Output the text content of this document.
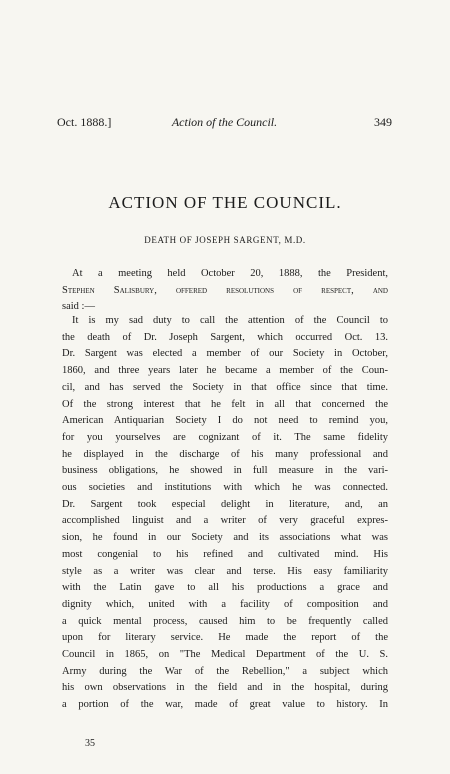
Oct. 1888.]	Action of the Council.	349
ACTION OF THE COUNCIL.
DEATH OF JOSEPH SARGENT, M.D.
At a meeting held October 20, 1888, the President,
Stephen Salisbury, offered resolutions of respect, and
said :—
It is my sad duty to call the attention of the Council to
the death of Dr. Joseph Sargent, which occurred Oct. 13.
Dr. Sargent was elected a member of our Society in October,
1860, and three years later he became a member of the Coun-
cil, and has served the Society in that office since that time.
Of the strong interest that he felt in all that concerned the
American Antiquarian Society I do not need to remind you,
for you yourselves are cognizant of it. The same fidelity
he displayed in the discharge of his many professional and
business obligations, he showed in full measure in the vari-
ous societies and institutions with which he was connected.
Dr. Sargent took especial delight in literature, and, an
accomplished linguist and a writer of very graceful expres-
sion, he found in our Society and its associations what was
most congenial to his refined and cultivated mind. His
style as a writer was clear and terse. His easy familiarity
with the Latin gave to all his productions a grace and
dignity which, united with a facility of composition and
a quick mental process, caused him to be frequently called
upon for literary service. He made the report of the
Council in 1865, on "The Medical Department of the U. S.
Army during the War of the Rebellion," a subject which
his own observations in the field and in the hospital, during
a portion of the war, made of great value to history. In
35
